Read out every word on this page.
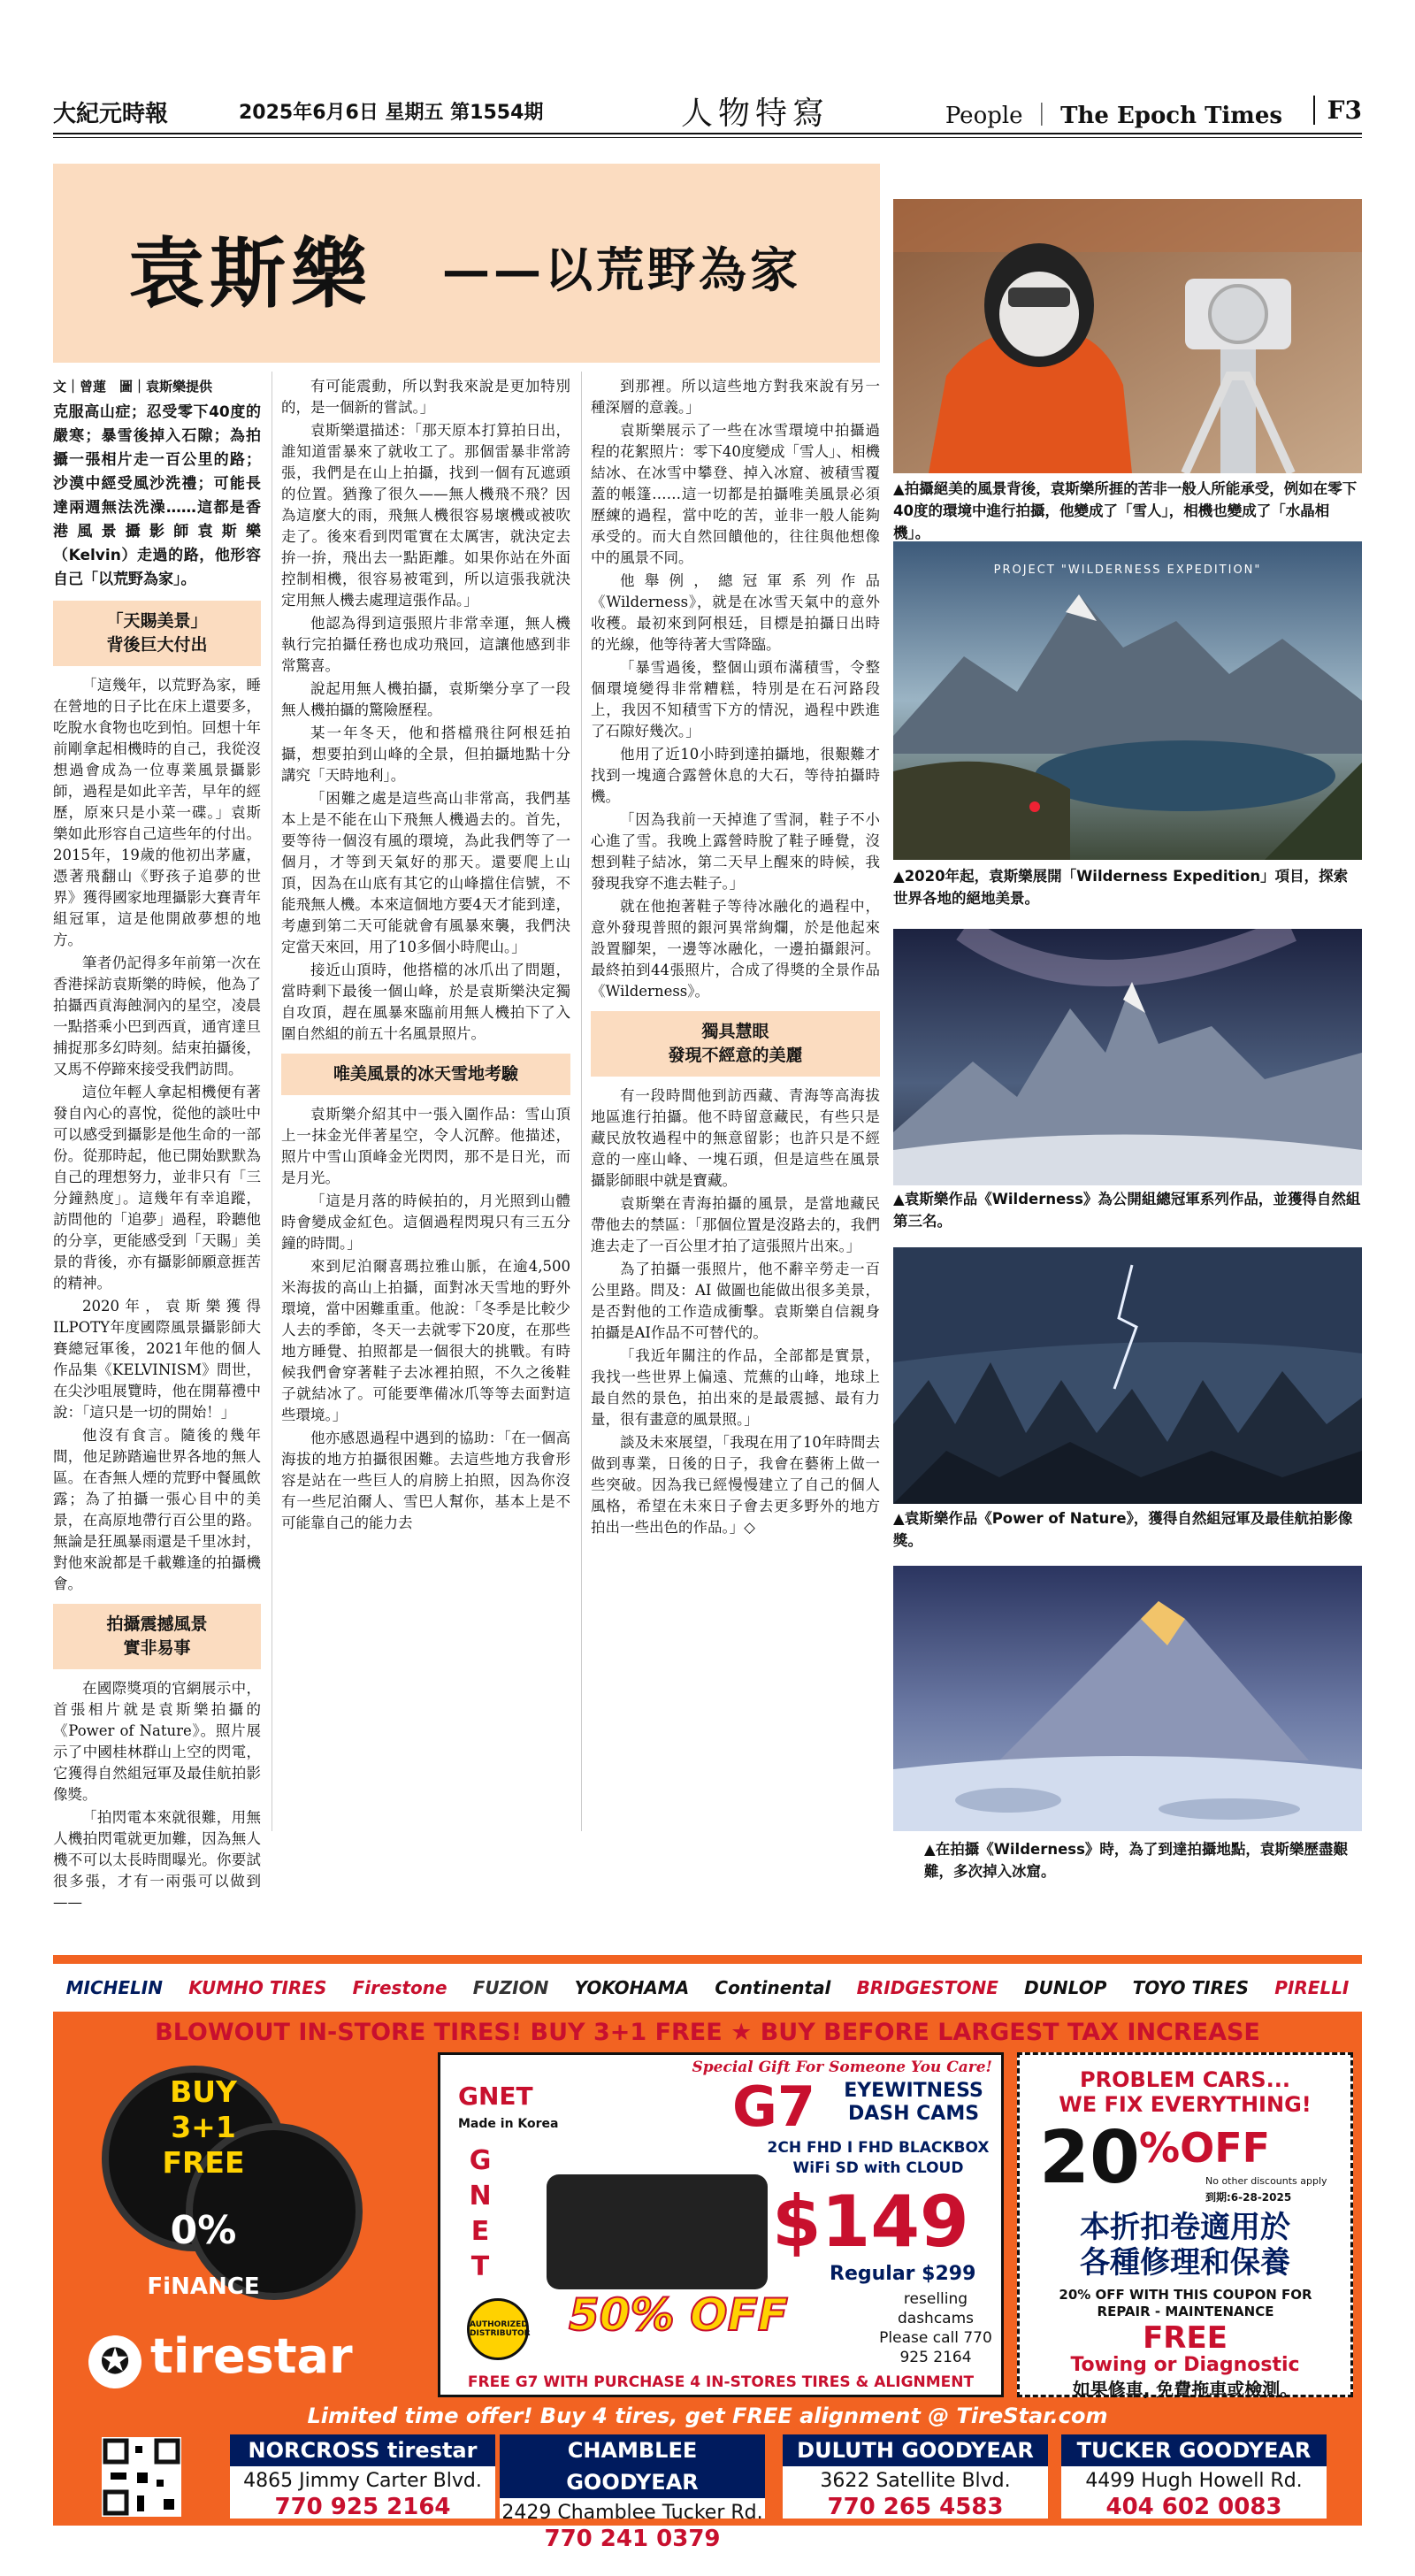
大紀元時報	2025年6月6日 星期五 第1554期	人物特寫	People ｜ The Epoch Times	F3
袁斯樂 ——以荒野為家
文｜曾蓮　圖｜袁斯樂提供
克服高山症；忍受零下40度的嚴寒；暴雪後掉入石隙；為拍攝一張相片走一百公里的路；沙漠中經受風沙洗禮；可能長達兩週無法洗澡……這都是香港風景攝影師袁斯樂（Kelvin）走過的路，他形容自己「以荒野為家」。
「天賜美景」
背後巨大付出

「這幾年，以荒野為家，睡在營地的日子比在床上還要多，吃脫水食物也吃到怕。回想十年前剛拿起相機時的自己，我從沒想過會成為一位專業風景攝影師，過程是如此辛苦，早年的經歷，原來只是小菜一碟。」袁斯樂如此形容自己這些年的付出。2015年，19歲的他初出茅廬，憑著飛翻山《野孩子追夢的世界》獲得國家地理攝影大賽青年組冠軍，這是他開啟夢想的地方。

筆者仍記得多年前第一次在香港採訪袁斯樂的時候，他為了拍攝西貢海蝕洞內的星空，凌晨一點搭乘小巴到西貢，通宵達旦捕捉那多幻時刻。結束拍攝後，又馬不停蹄來接受我們訪問。

這位年輕人拿起相機便有著發自內心的喜悅，從他的談吐中可以感受到攝影是他生命的一部份。從那時起，他已開始默默為自己的理想努力，並非只有「三分鐘熱度」。這幾年有幸追蹤，訪問他的「追夢」過程，聆聽他的分享，更能感受到「天賜」美景的背後，亦有攝影師願意捱苦的精神。

2020年，袁斯樂獲得ILPOTY年度國際風景攝影師大賽總冠軍後，2021年他的個人作品集《KELVINISM》問世，在尖沙咀展覽時，他在開幕禮中說：「這只是一切的開始！」

他沒有食言。隨後的幾年間，他足跡踏遍世界各地的無人區。在杳無人煙的荒野中餐風飲露；為了拍攝一張心目中的美景，在高原地帶行百公里的路。無論是狂風暴雨還是千里冰封，對他來說都是千載難逢的拍攝機會。

拍攝震撼風景
實非易事

在國際獎項的官網展示中，首張相片就是袁斯樂拍攝的《Power of Nature》。照片展示了中國桂林群山上空的閃電，它獲得自然組冠軍及最佳航拍影像獎。

「拍閃電本來就很難，用無人機拍閃電就更加難，因為無人機不可以太長時間曝光。你要試很多張，才有一兩張可以做到——

有可能震動，所以對我來說是更加特別的，是一個新的嘗試。」

袁斯樂還描述：「那天原本打算拍日出，誰知道雷暴來了就收工了。那個雷暴非常誇張，我們是在山上拍攝，找到一個有瓦遮頭的位置。猶豫了很久——無人機飛不飛？因為這麼大的雨，飛無人機很容易壞機或被吹走了。後來看到閃電實在太厲害，就決定去拚一拚，飛出去一點距離。如果你站在外面控制相機，很容易被電到，所以這張我就決定用無人機去處理這張作品。」

他認為得到這張照片非常幸運，無人機執行完拍攝任務也成功飛回，這讓他感到非常驚喜。

說起用無人機拍攝，袁斯樂分享了一段無人機拍攝的驚險歷程。

某一年冬天，他和搭檔飛往阿根廷拍攝，想要拍到山峰的全景，但拍攝地點十分講究「天時地利」。

「困難之處是這些高山非常高，我們基本上是不能在山下飛無人機過去的。首先，要等待一個沒有風的環境，為此我們等了一個月，才等到天氣好的那天。還要爬上山頂，因為在山底有其它的山峰擋住信號，不能飛無人機。本來這個地方要4天才能到達，考慮到第二天可能就會有風暴來襲，我們決定當天來回，用了10多個小時爬山。」

接近山頂時，他搭檔的冰爪出了問題，當時剩下最後一個山峰，於是袁斯樂決定獨自攻頂，趕在風暴來臨前用無人機拍下了入圍自然組的前五十名風景照片。

唯美風景的冰天雪地考驗

袁斯樂介紹其中一張入圍作品：雪山頂上一抹金光伴著星空，令人沉醉。他描述，照片中雪山頂峰金光閃閃，那不是日光，而是月光。

「這是月落的時候拍的，月光照到山體時會變成金紅色。這個過程閃現只有三五分鐘的時間。」

來到尼泊爾喜瑪拉雅山脈，在逾4,500米海拔的高山上拍攝，面對冰天雪地的野外環境，當中困難重重。他說：「冬季是比較少人去的季節，冬天一去就零下20度，在那些地方睡覺、拍照都是一個很大的挑戰。有時候我們會穿著鞋子去冰裡拍照，不久之後鞋子就結冰了。可能要準備冰爪等等去面對這些環境。」

他亦感恩過程中遇到的協助：「在一個高海拔的地方拍攝很困難。去這些地方我會形容是站在一些巨人的肩膀上拍照，因為你沒有一些尼泊爾人、雪巴人幫你，基本上是不可能靠自己的能力去

到那裡。所以這些地方對我來說有另一種深層的意義。」

袁斯樂展示了一些在冰雪環境中拍攝過程的花絮照片：零下40度變成「雪人」、相機結冰、在冰雪中攀登、掉入冰窟、被積雪覆蓋的帳篷……這一切都是拍攝唯美風景必須歷練的過程，當中吃的苦，並非一般人能夠承受的。而大自然回饋他的，往往與他想像中的風景不同。

他舉例，總冠軍系列作品《Wilderness》，就是在冰雪天氣中的意外收穫。最初來到阿根廷，目標是拍攝日出時的光線，他等待著大雪降臨。

「暴雪過後，整個山頭布滿積雪，令整個環境變得非常糟糕，特別是在石河路段上，我因不知積雪下方的情況，過程中跌進了石隙好幾次。」

他用了近10小時到達拍攝地，很艱難才找到一塊適合露營休息的大石，等待拍攝時機。

「因為我前一天掉進了雪洞，鞋子不小心進了雪。我晚上露營時脫了鞋子睡覺，沒想到鞋子結冰，第二天早上醒來的時候，我發現我穿不進去鞋子。」

就在他抱著鞋子等待冰融化的過程中，意外發現普照的銀河異常絢爛，於是他起來設置腳架，一邊等冰融化，一邊拍攝銀河。最終拍到44張照片，合成了得獎的全景作品《Wilderness》。

獨具慧眼
發現不經意的美麗

有一段時間他到訪西藏、青海等高海拔地區進行拍攝。他不時留意藏民，有些只是藏民放牧過程中的無意留影；也許只是不經意的一座山峰、一塊石頭，但是這些在風景攝影師眼中就是寶藏。

袁斯樂在青海拍攝的風景，是當地藏民帶他去的禁區：「那個位置是沒路去的，我們進去走了一百公里才拍了這張照片出來。」

為了拍攝一張照片，他不辭辛勞走一百公里路。問及：AI 做圖也能做出很多美景，是否對他的工作造成衝擊。袁斯樂自信親身拍攝是AI作品不可替代的。

「我近年關注的作品，全部都是實景，我找一些世界上偏遠、荒蕪的山峰，地球上最自然的景色，拍出來的是最震撼、最有力量，很有畫意的風景照。」

談及未來展望，「我現在用了10年時間去做到專業，日後的日子，我會在藝術上做一些突破。因為我已經慢慢建立了自己的個人風格，希望在未來日子會去更多野外的地方拍出一些出色的作品。」◇

▲拍攝絕美的風景背後，袁斯樂所捱的苦非一般人所能承受，例如在零下40度的環境中進行拍攝，他變成了「雪人」，相機也變成了「水晶相機」。
PROJECT "WILDERNESS EXPEDITION"
▲2020年起，袁斯樂展開「Wilderness Expedition」項目，探索世界各地的絕地美景。
▲袁斯樂作品《Wilderness》為公開組總冠軍系列作品，並獲得自然組第三名。
▲袁斯樂作品《Power of Nature》，獲得自然組冠軍及最佳航拍影像獎。
▲在拍攝《Wilderness》時，為了到達拍攝地點，袁斯樂歷盡艱難，多次掉入冰窟。
MICHELIN KUMHO TIRES Firestone FUZION YOKOHAMA Continental BRIDGESTONE DUNLOP TOYO TIRES PIRELLI
BLOWOUT IN-STORE TIRES! BUY 3+1 FREE ★ BUY BEFORE LARGEST TAX INCREASE
BUY
3+1
FREE
0%
FiNANCE
✪ tirestar
Special Gift For Someone You Care!
GNET
Made in Korea
G
N
E
T
G7	EYEWITNESS DASH CAMS
2CH FHD I FHD BLACKBOX
WiFi SD with CLOUD
$149
Regular $299
reselling dashcams Please call 770 925 2164
50% OFF
AUTHORIZED DISTRIBUTOR
FREE G7 WITH PURCHASE 4 IN-STORES TIRES & ALIGNMENT
PROBLEM CARS...
WE FIX EVERYTHING!
20
%OFF
No other discounts apply
到期:6-28-2025
本折扣卷適用於
各種修理和保養
20% OFF WITH THIS COUPON FOR REPAIR - MAINTENANCE
FREE
Towing or Diagnostic
如果修車, 免費拖車或檢測。
Limited time offer! Buy 4 tires, get FREE alignment @ TireStar.com
NORCROSS tirestar
4865 Jimmy Carter Blvd.
770 925 2164
CHAMBLEE GOODYEAR
2429 Chamblee Tucker Rd.
770 241 0379
DULUTH GOODYEAR
3622 Satellite Blvd.
770 265 4583
TUCKER GOODYEAR
4499 Hugh Howell Rd.
404 602 0083
